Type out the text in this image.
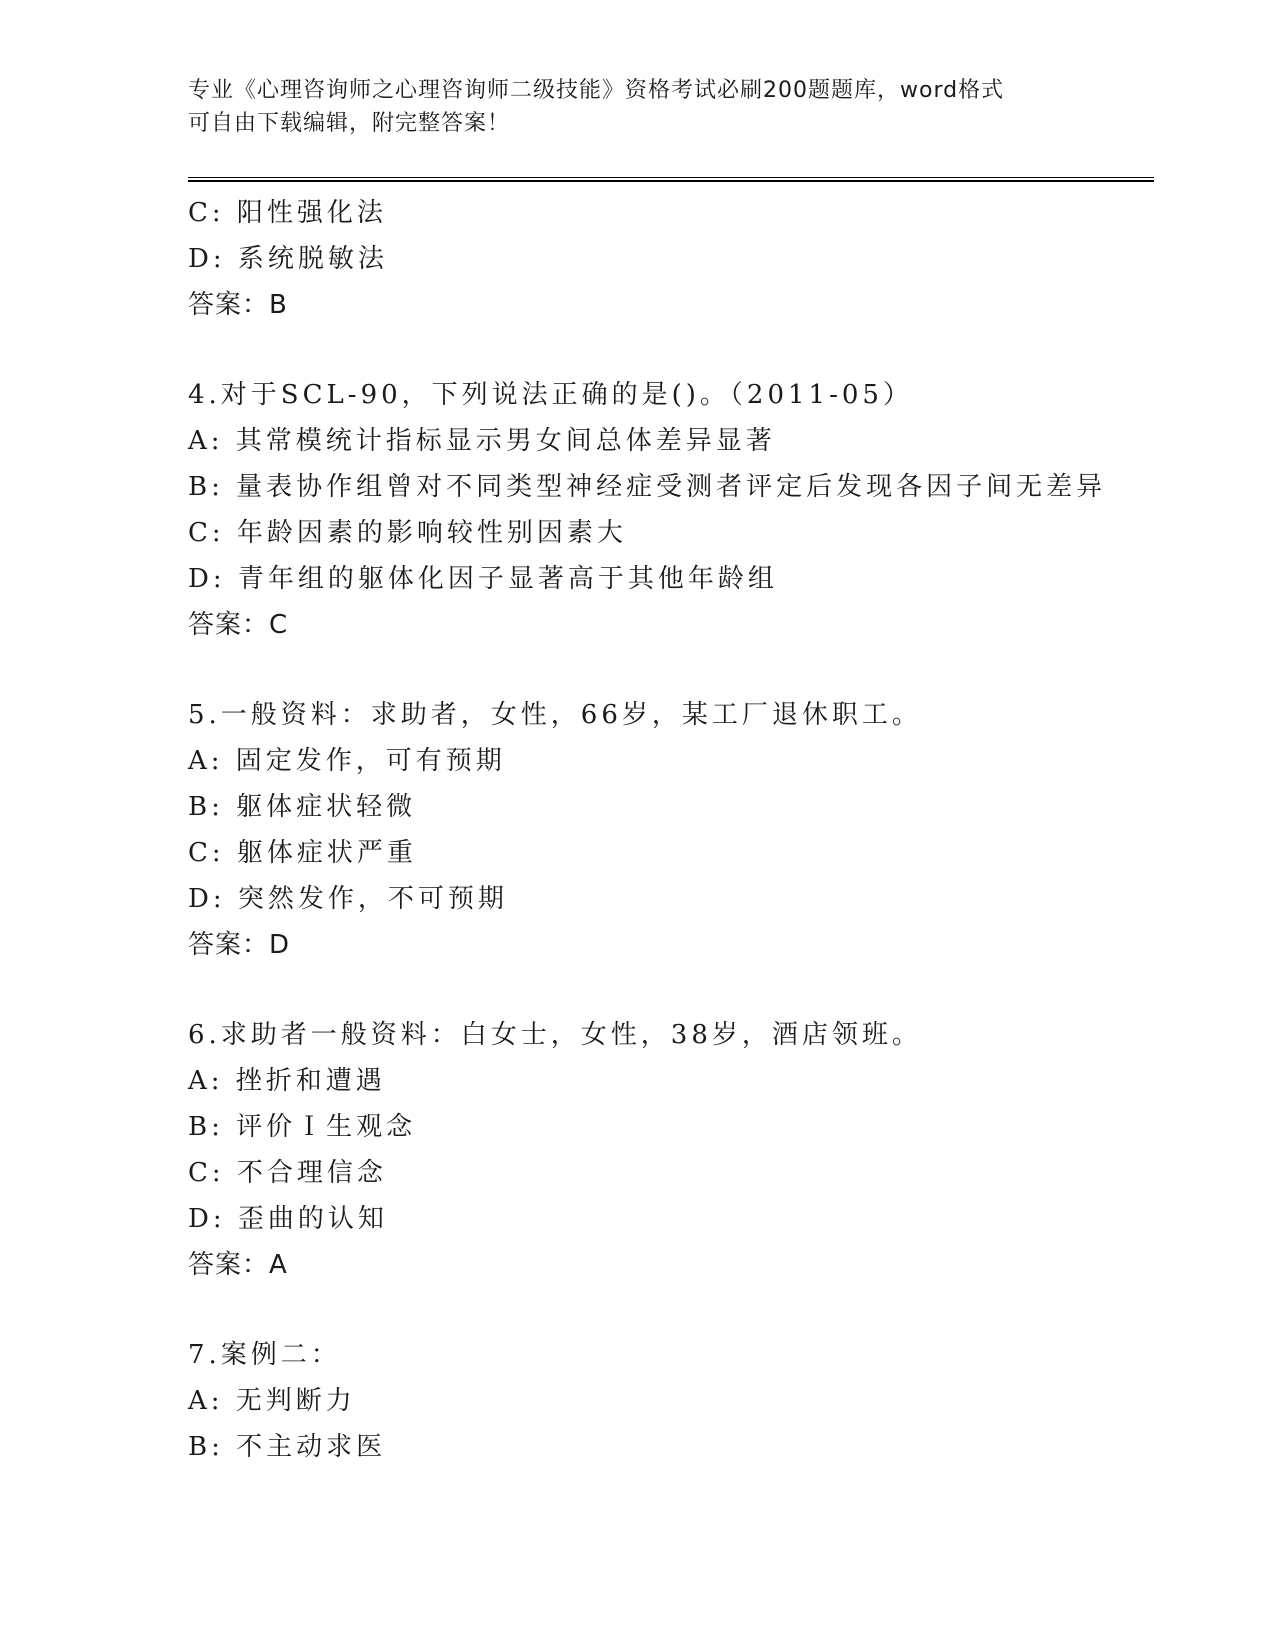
专业《心理咨询师之心理咨询师二级技能》资格考试必刷200题题库，word格式
可自由下载编辑，附完整答案！
C: 阳性强化法
D: 系统脱敏法
答案：B
4.对于SCL-90，下列说法正确的是()。（2011-05）
A: 其常模统计指标显示男女间总体差异显著
B: 量表协作组曾对不同类型神经症受测者评定后发现各因子间无差异
C: 年龄因素的影响较性别因素大
D: 青年组的躯体化因子显著高于其他年龄组
答案：C
5.一般资料：求助者，女性，66岁，某工厂退休职工。
A: 固定发作，可有预期
B: 躯体症状轻微
C: 躯体症状严重
D: 突然发作，不可预期
答案：D
6.求助者一般资料：白女士，女性，38岁，酒店领班。
A: 挫折和遭遇
B: 评价Ｉ生观念
C: 不合理信念
D: 歪曲的认知
答案：A
7.案例二：
A: 无判断力
B: 不主动求医
